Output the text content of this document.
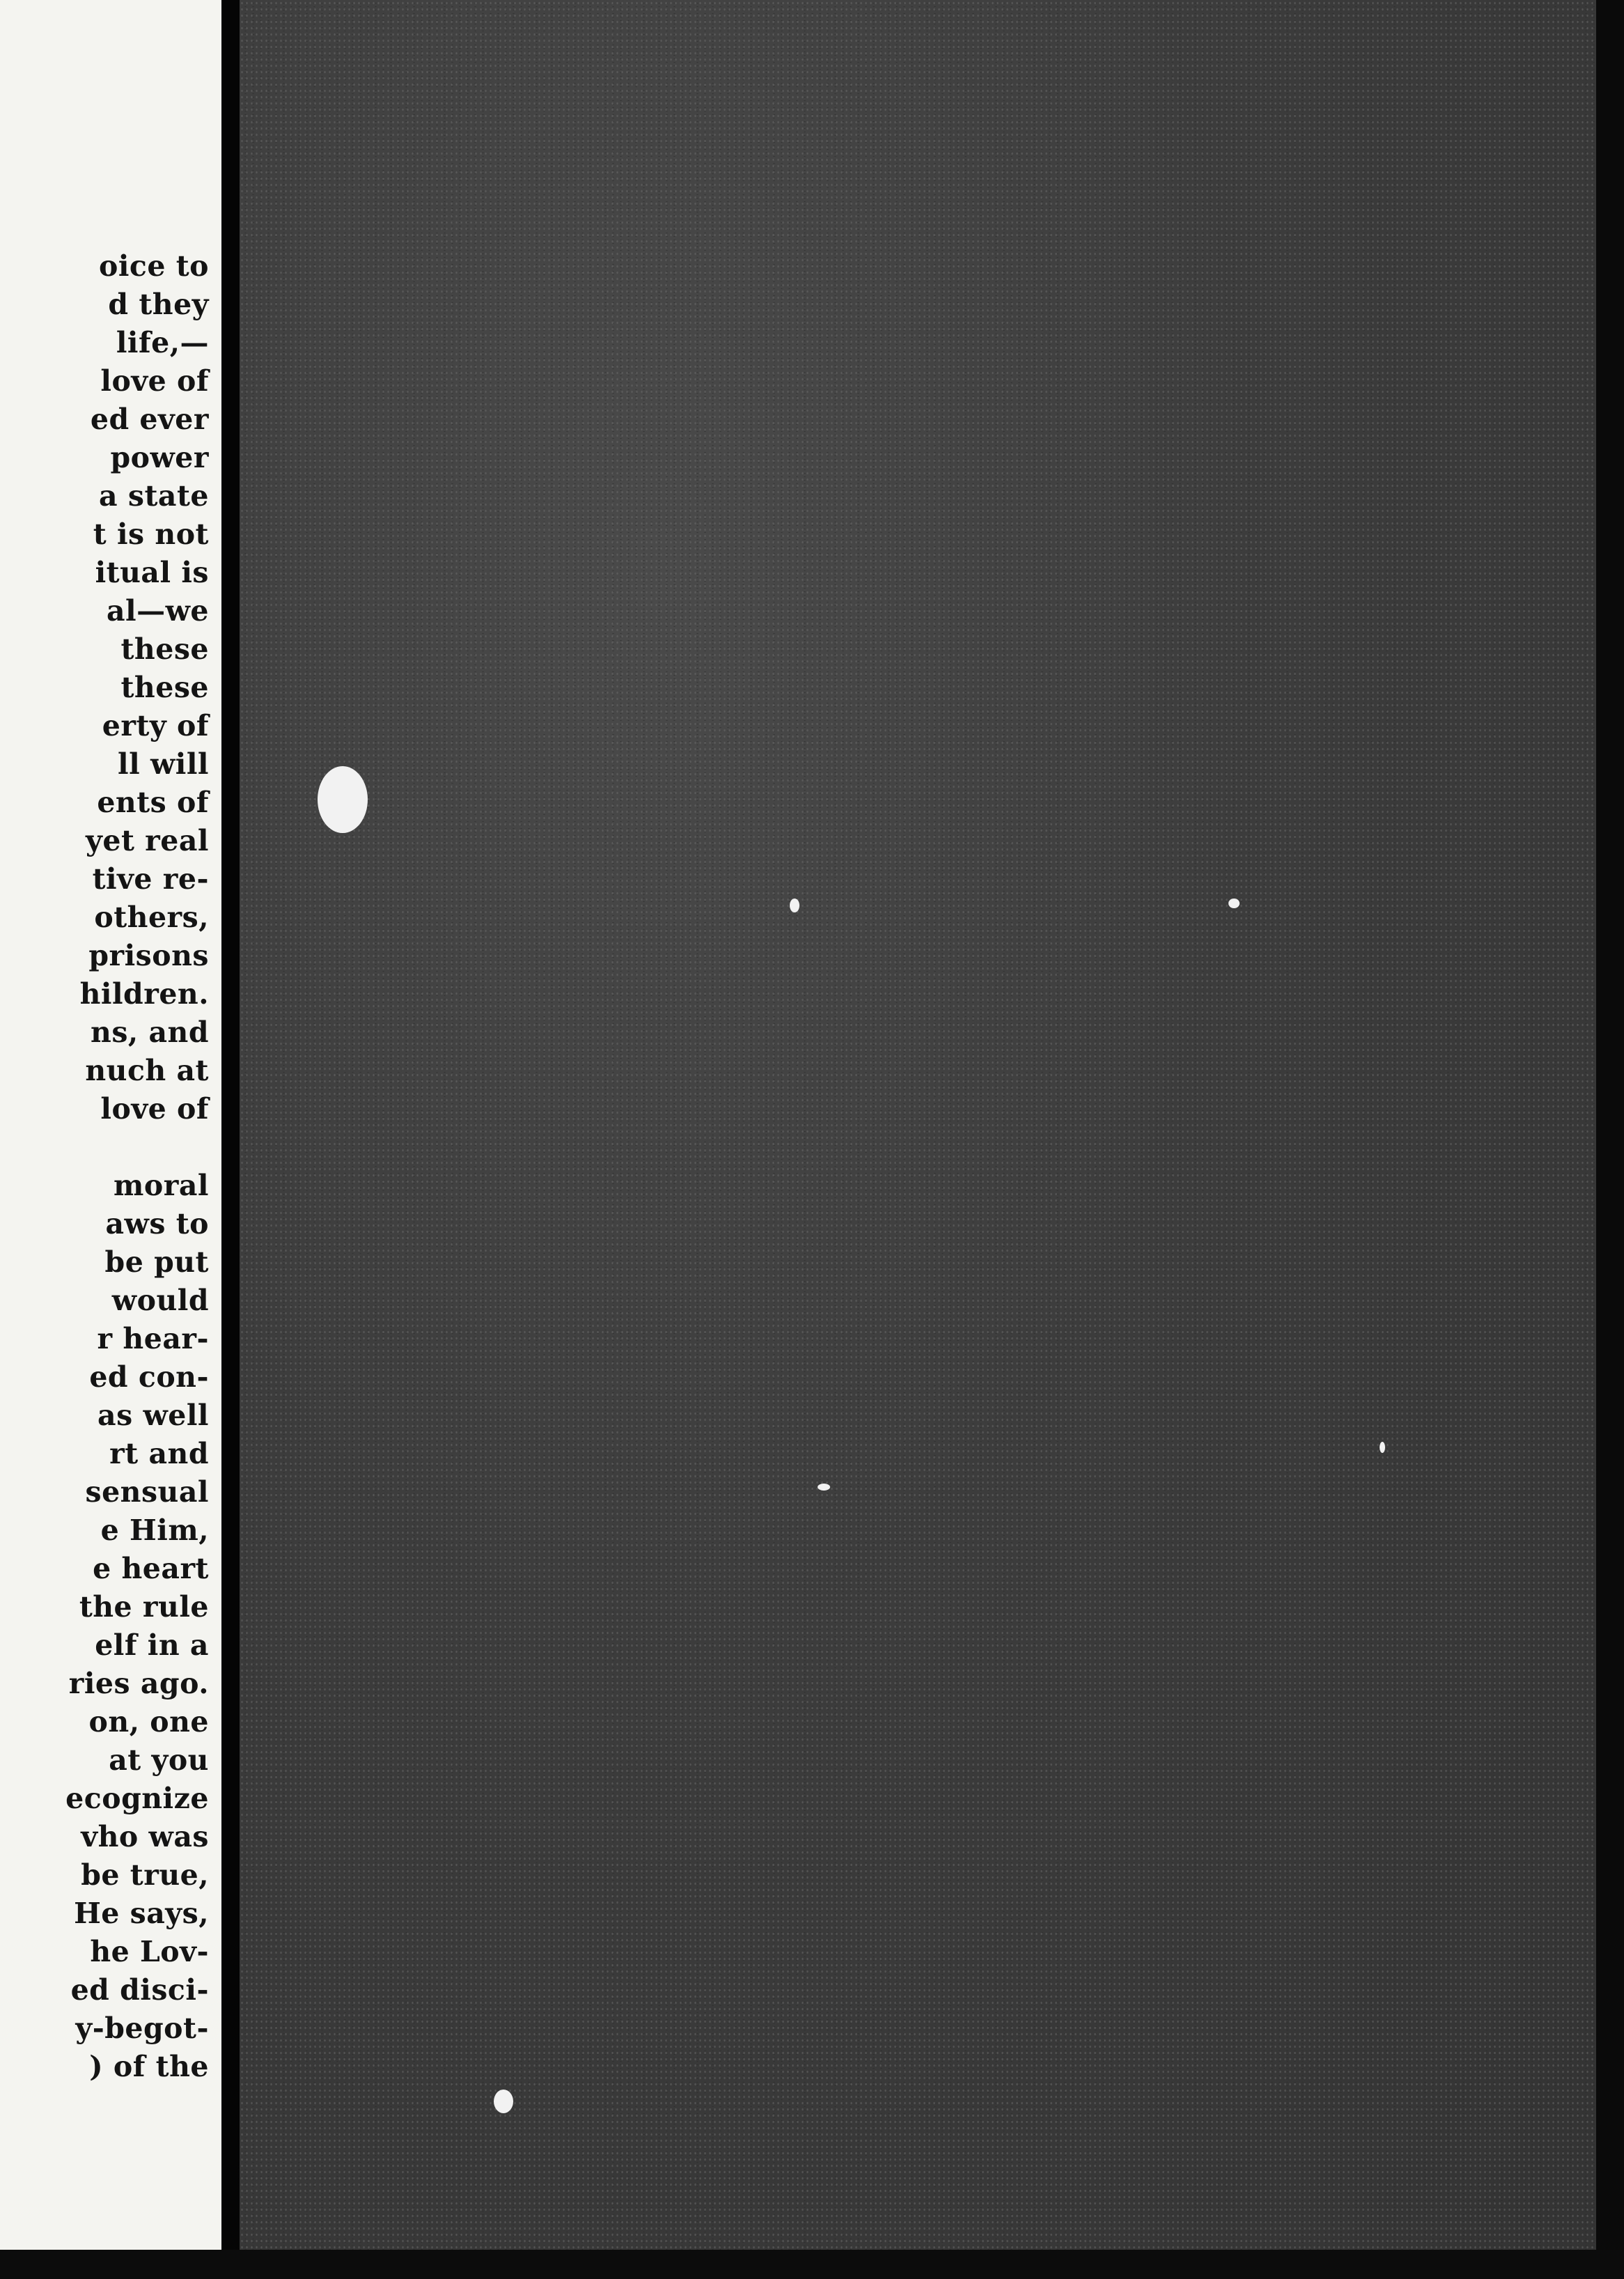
oice to
d they
life,—
love of
ed ever
power
a state
t is not
itual is
al—we
these
these
erty of
ll will
ents of
yet real
tive re-
others,
prisons
hildren.
ns, and
nuch at
love of
moral
aws to
be put
would
r hear-
ed con-
as well
rt and
sensual
e Him,
e heart
the rule
elf in a
ries ago.
on, one
at you
ecognize
vho was
be true,
He says,
he Lov-
ed disci-
y-begot-
) of the
